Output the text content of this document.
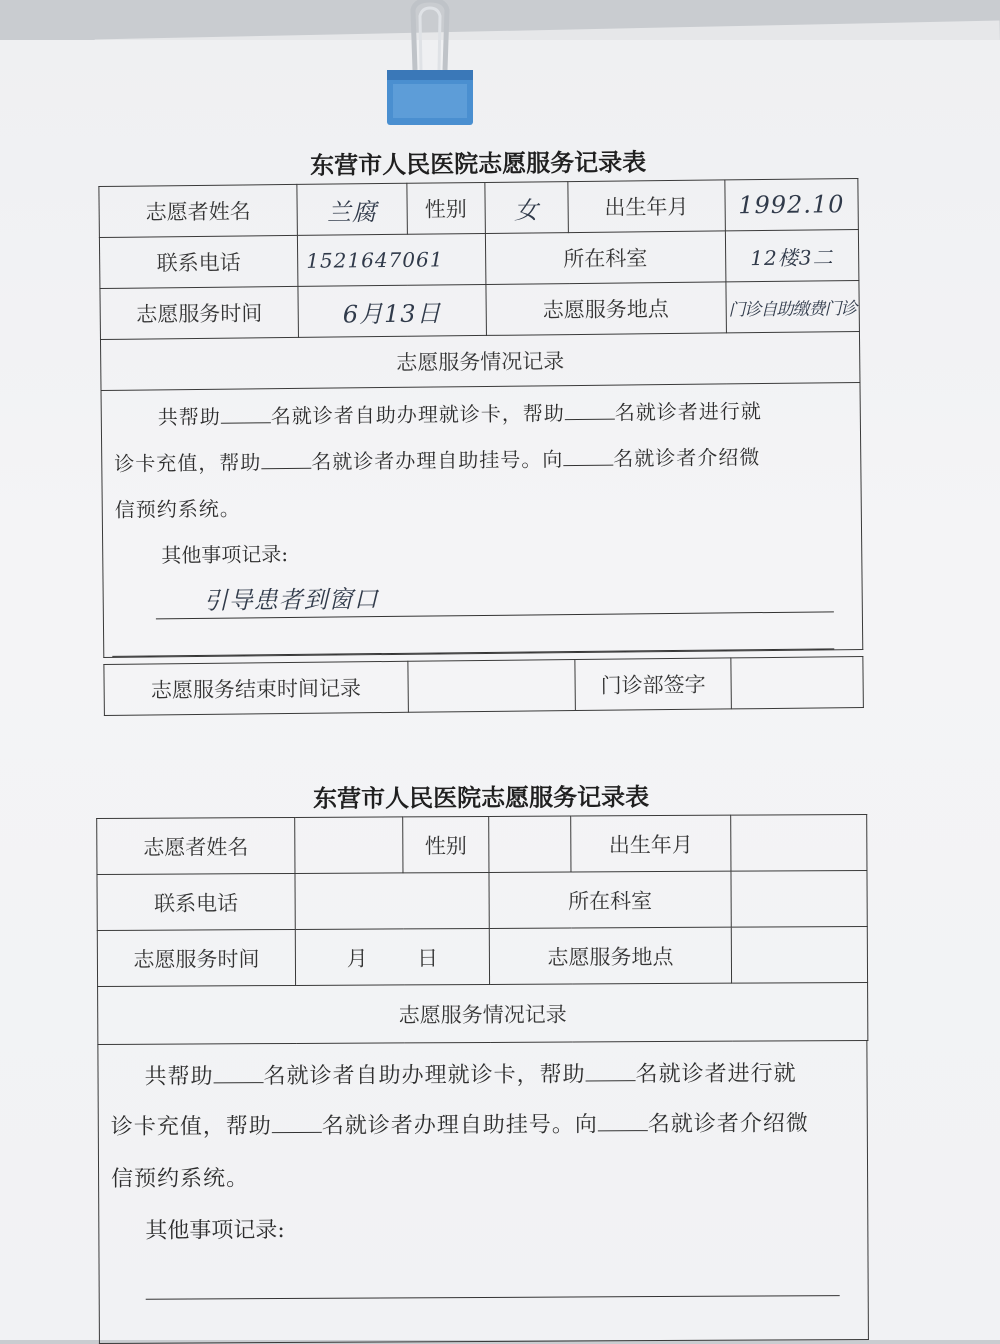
东营市人民医院志愿服务记录表
志愿者姓名	兰腐	性别	女	出生年月	1992.10
联系电话	1521647061		所在科室		12楼3二
志愿服务时间	6月13日		志愿服务地点		门诊自助缴费门诊
志愿服务情况记录					

共帮助 名就诊者自助办理就诊卡，帮助 名就诊者进行就

诊卡充值，帮助 名就诊者办理自助挂号。向 名就诊者介绍微

信预约系统。

其他事项记录:
引导患者到窗口
志愿服务结束时间记录		门诊部签字	
东营市人民医院志愿服务记录表
志愿者姓名		性别		出生年月	
联系电话			所在科室		
志愿服务时间	月 日		志愿服务地点		
志愿服务情况记录					

共帮助 名就诊者自助办理就诊卡，帮助 名就诊者进行就

诊卡充值，帮助 名就诊者办理自助挂号。向 名就诊者介绍微

信预约系统。

其他事项记录:
